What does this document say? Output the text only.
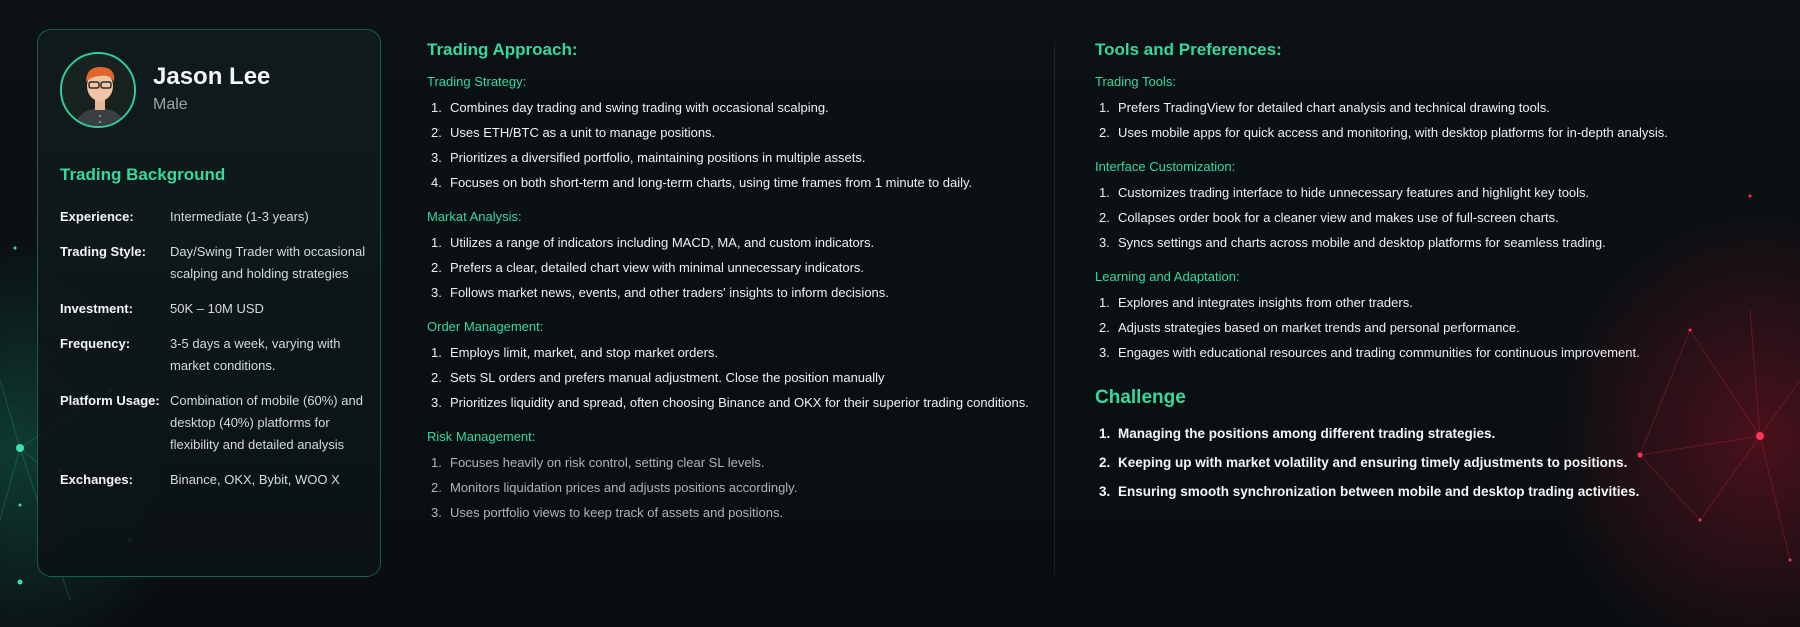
Jason Lee
Male
Trading Background
Experience:	Intermediate (1-3 years)
Trading Style:	Day/Swing Trader with occasional scalping and holding strategies
Investment:	50K – 10M USD
Frequency:	3-5 days a week, varying with market conditions.
Platform Usage: Combination of mobile (60%) and desktop (40%) platforms for flexibility and detailed analysis
Exchanges:	Binance, OKX, Bybit, WOO X
Trading Approach:
Trading Strategy:
1. Combines day trading and swing trading with occasional scalping.
2. Uses ETH/BTC as a unit to manage positions.
3. Prioritizes a diversified portfolio, maintaining positions in multiple assets.
4. Focuses on both short-term and long-term charts, using time frames from 1 minute to daily.
Markat Analysis:
1. Utilizes a range of indicators including MACD, MA, and custom indicators.
2. Prefers a clear, detailed chart view with minimal unnecessary indicators.
3. Follows market news, events, and other traders' insights to inform decisions.
Order Management:
1. Employs limit, market, and stop market orders.
2. Sets SL orders and prefers manual adjustment. Close the position manually
3. Prioritizes liquidity and spread, often choosing Binance and OKX for their superior trading conditions.
Risk Management:
1. Focuses heavily on risk control, setting clear SL levels.
2. Monitors liquidation prices and adjusts positions accordingly.
3. Uses portfolio views to keep track of assets and positions.
Tools and Preferences:
Trading Tools:
1. Prefers TradingView for detailed chart analysis and technical drawing tools.
2. Uses mobile apps for quick access and monitoring, with desktop platforms for in-depth analysis.
Interface Customization:
1. Customizes trading interface to hide unnecessary features and highlight key tools.
2. Collapses order book for a cleaner view and makes use of full-screen charts.
3. Syncs settings and charts across mobile and desktop platforms for seamless trading.
Learning and Adaptation:
1. Explores and integrates insights from other traders.
2. Adjusts strategies based on market trends and personal performance.
3. Engages with educational resources and trading communities for continuous improvement.
Challenge
1. Managing the positions among different trading strategies.
2. Keeping up with market volatility and ensuring timely adjustments to positions.
3. Ensuring smooth synchronization between mobile and desktop trading activities.
